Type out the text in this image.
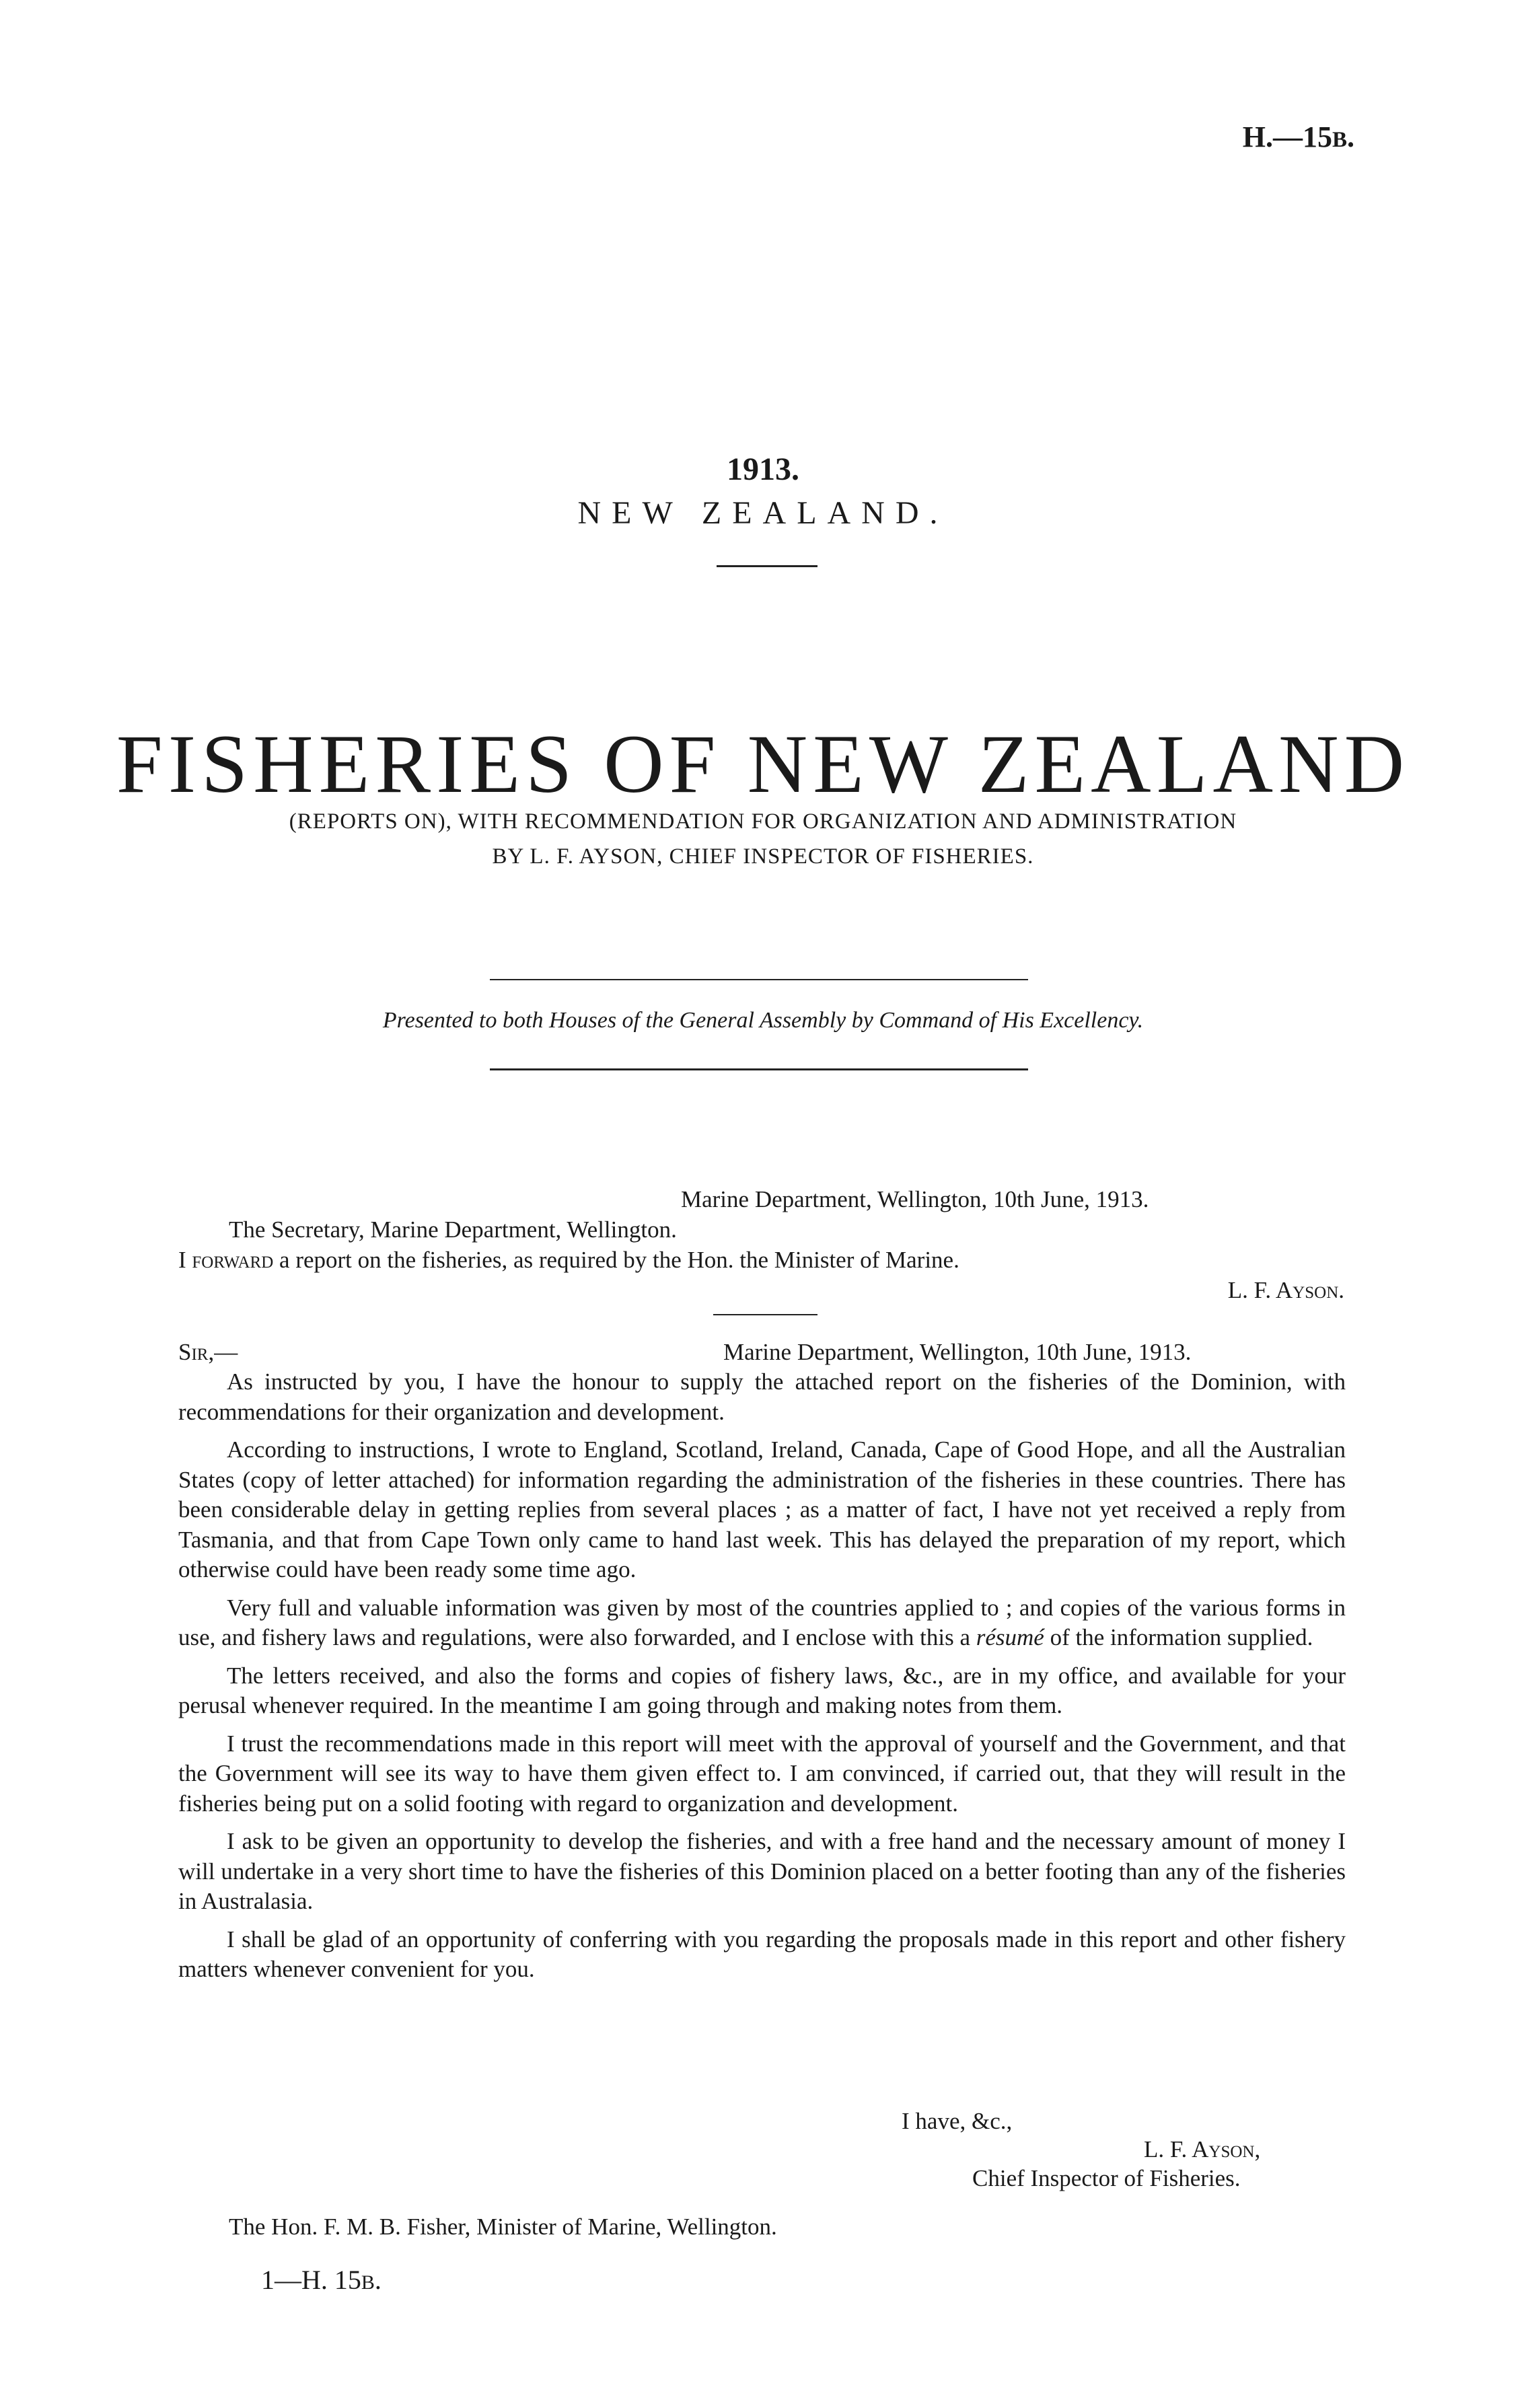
H.—15B.
1913.
NEW ZEALAND.
FISHERIES OF NEW ZEALAND
(REPORTS ON), WITH RECOMMENDATION FOR ORGANIZATION AND ADMINISTRATION
BY L. F. AYSON, CHIEF INSPECTOR OF FISHERIES.
Presented to both Houses of the General Assembly by Command of His Excellency.
Marine Department, Wellington, 10th June, 1913.
The Secretary, Marine Department, Wellington.
I forward a report on the fisheries, as required by the Hon. the Minister of Marine.
L. F. Ayson.
Sir,—	Marine Department, Wellington, 10th June, 1913.

As instructed by you, I have the honour to supply the attached report on the fisheries of the Dominion, with recommendations for their organization and development.

According to instructions, I wrote to England, Scotland, Ireland, Canada, Cape of Good Hope, and all the Australian States (copy of letter attached) for information regarding the administration of the fisheries in these countries. There has been considerable delay in getting replies from several places ; as a matter of fact, I have not yet received a reply from Tasmania, and that from Cape Town only came to hand last week. This has delayed the preparation of my report, which otherwise could have been ready some time ago.

Very full and valuable information was given by most of the countries applied to ; and copies of the various forms in use, and fishery laws and regulations, were also forwarded, and I enclose with this a résumé of the information supplied.

The letters received, and also the forms and copies of fishery laws, &c., are in my office, and available for your perusal whenever required. In the meantime I am going through and making notes from them.

I trust the recommendations made in this report will meet with the approval of yourself and the Government, and that the Government will see its way to have them given effect to. I am convinced, if carried out, that they will result in the fisheries being put on a solid footing with regard to organization and development.

I ask to be given an opportunity to develop the fisheries, and with a free hand and the necessary amount of money I will undertake in a very short time to have the fisheries of this Dominion placed on a better footing than any of the fisheries in Australasia.

I shall be glad of an opportunity of conferring with you regarding the proposals made in this report and other fishery matters whenever convenient for you.

I have, &c.,
L. F. Ayson,
Chief Inspector of Fisheries.
The Hon. F. M. B. Fisher, Minister of Marine, Wellington.
1—H. 15B.
